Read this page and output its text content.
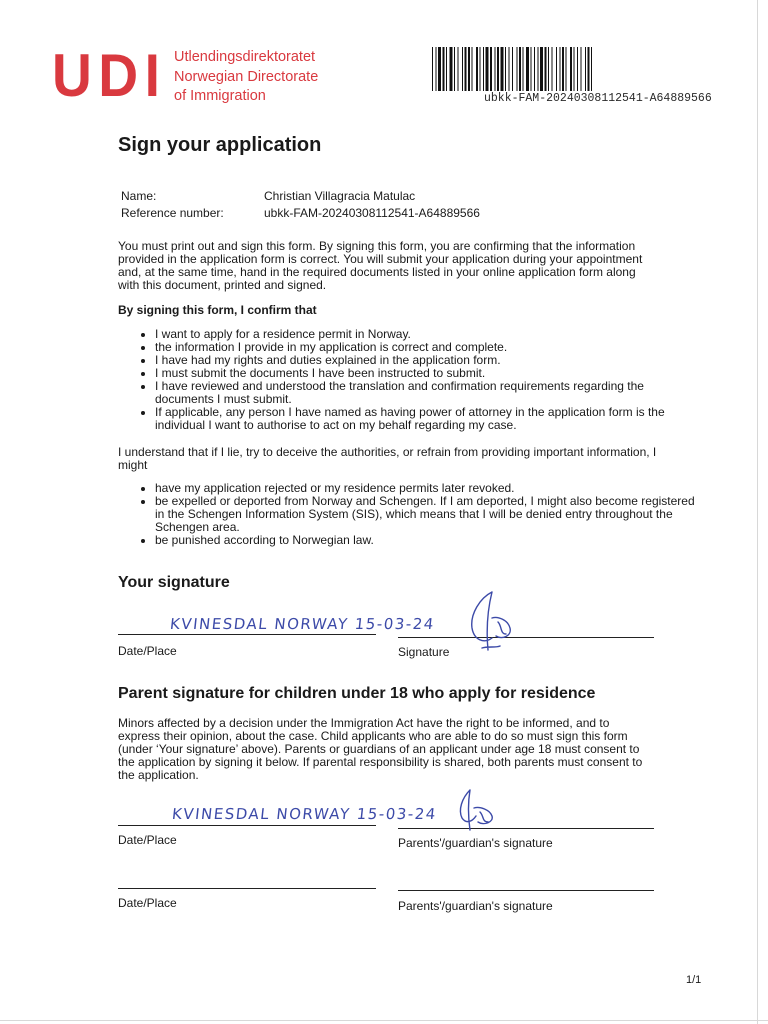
UDI Utlendingsdirektoratet
Norwegian Directorate
of Immigration	ubkk-FAM-20240308112541-A64889566
Sign your application
Name:	Christian Villagracia Matulac
Reference number:	ubkk-FAM-20240308112541-A64889566

You must print out and sign this form. By signing this form, you are confirming that the information provided in the application form is correct. You will submit your application during your appointment and, at the same time, hand in the required documents listed in your online application form along with this document, printed and signed.

By signing this form, I confirm that

• I want to apply for a residence permit in Norway.
• the information I provide in my application is correct and complete.
• I have had my rights and duties explained in the application form.
• I must submit the documents I have been instructed to submit.
• I have reviewed and understood the translation and confirmation requirements regarding the documents I must submit.
• If applicable, any person I have named as having power of attorney in the application form is the individual I want to authorise to act on my behalf regarding my case.

I understand that if I lie, try to deceive the authorities, or refrain from providing important information, I might

• have my application rejected or my residence permits later revoked.
• be expelled or deported from Norway and Schengen. If I am deported, I might also become registered in the Schengen Information System (SIS), which means that I will be denied entry throughout the Schengen area.
• be punished according to Norwegian law.
Your signature
KVINESDAL NORWAY 15-03-24
Date/Place	Signature
Parent signature for children under 18 who apply for residence

Minors affected by a decision under the Immigration Act have the right to be informed, and to express their opinion, about the case. Child applicants who are able to do so must sign this form (under ‘Your signature’ above). Parents or guardians of an applicant under age 18 must consent to the application by signing it below. If parental responsibility is shared, both parents must consent to the application.

KVINESDAL NORWAY 15-03-24
Date/Place	Parents'/guardian's signature
Date/Place	Parents'/guardian's signature
1/1
